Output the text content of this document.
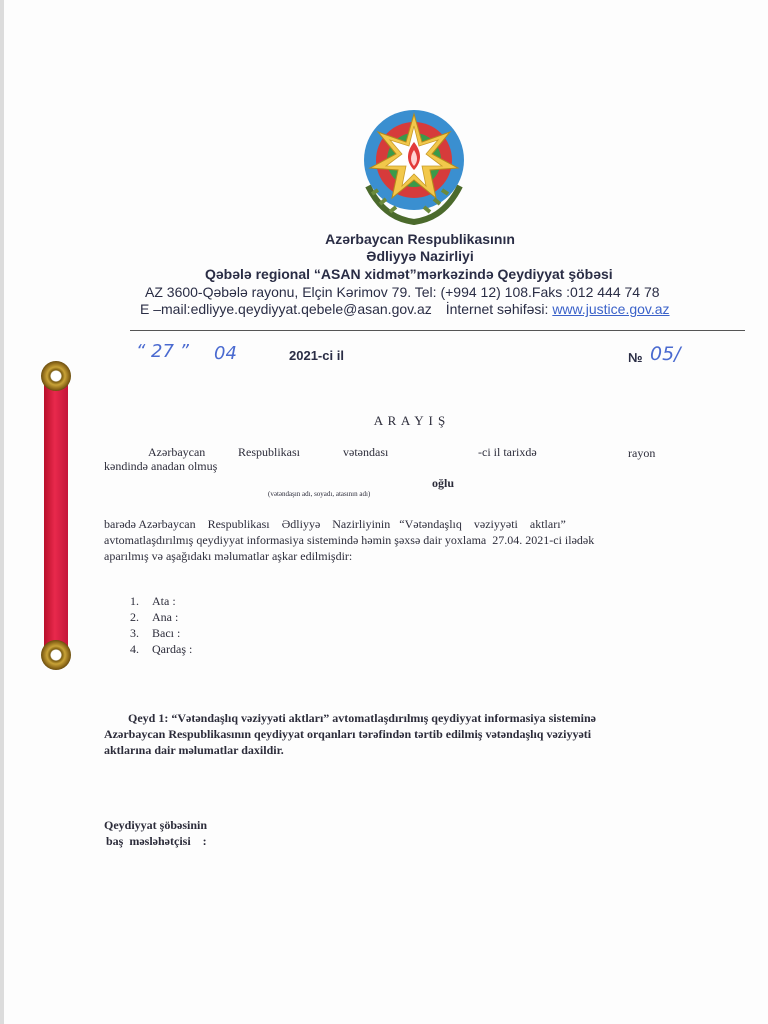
Azərbaycan Respublikasının
Ədliyyə Nazirliyi
Qəbələ regional “ASAN xidmət”mərkəzində Qeydiyyat şöbəsi
AZ 3600-Qəbələ rayonu, Elçin Kərimov 79. Tel: (+994 12) 108.Faks :012 444 74 78
E –mail:edliyye.qeydiyyat.qebele@asan.gov.az İnternet səhifəsi: www.justice.gov.az
“ 27 ” 04	2021-ci il	№ 05/
A R A Y I Ş
Azərbaycan	Respublikası	vətəndası	-ci il tarixdə	rayon
kəndində anadan olmuş
oğlu
(vətəndaşın adı, soyadı, atasının adı)
barədə Azərbaycan    Respublikası    Ədliyyə    Nazirliyinin   “Vətəndaşlıq    vəziyyəti    aktları”
avtomatlaşdırılmış qeydiyyat informasiya sistemində həmin şəxsə dair yoxlama  27.04. 2021-ci ilədək
aparılmış və aşağıdakı məlumatlar aşkar edilmişdir:
1. Ata :
2. Ana :
3. Bacı :
4. Qardaş :
Qeyd 1: “Vətəndaşlıq vəziyyəti aktları” avtomatlaşdırılmış qeydiyyat informasiya sisteminə
Azərbaycan Respublikasının qeydiyyat orqanları tərəfindən tərtib edilmiş vətəndaşlıq vəziyyəti
aktlarına dair məlumatlar daxildir.
Qeydiyyat şöbəsinin
baş  məsləhətçisi    :
